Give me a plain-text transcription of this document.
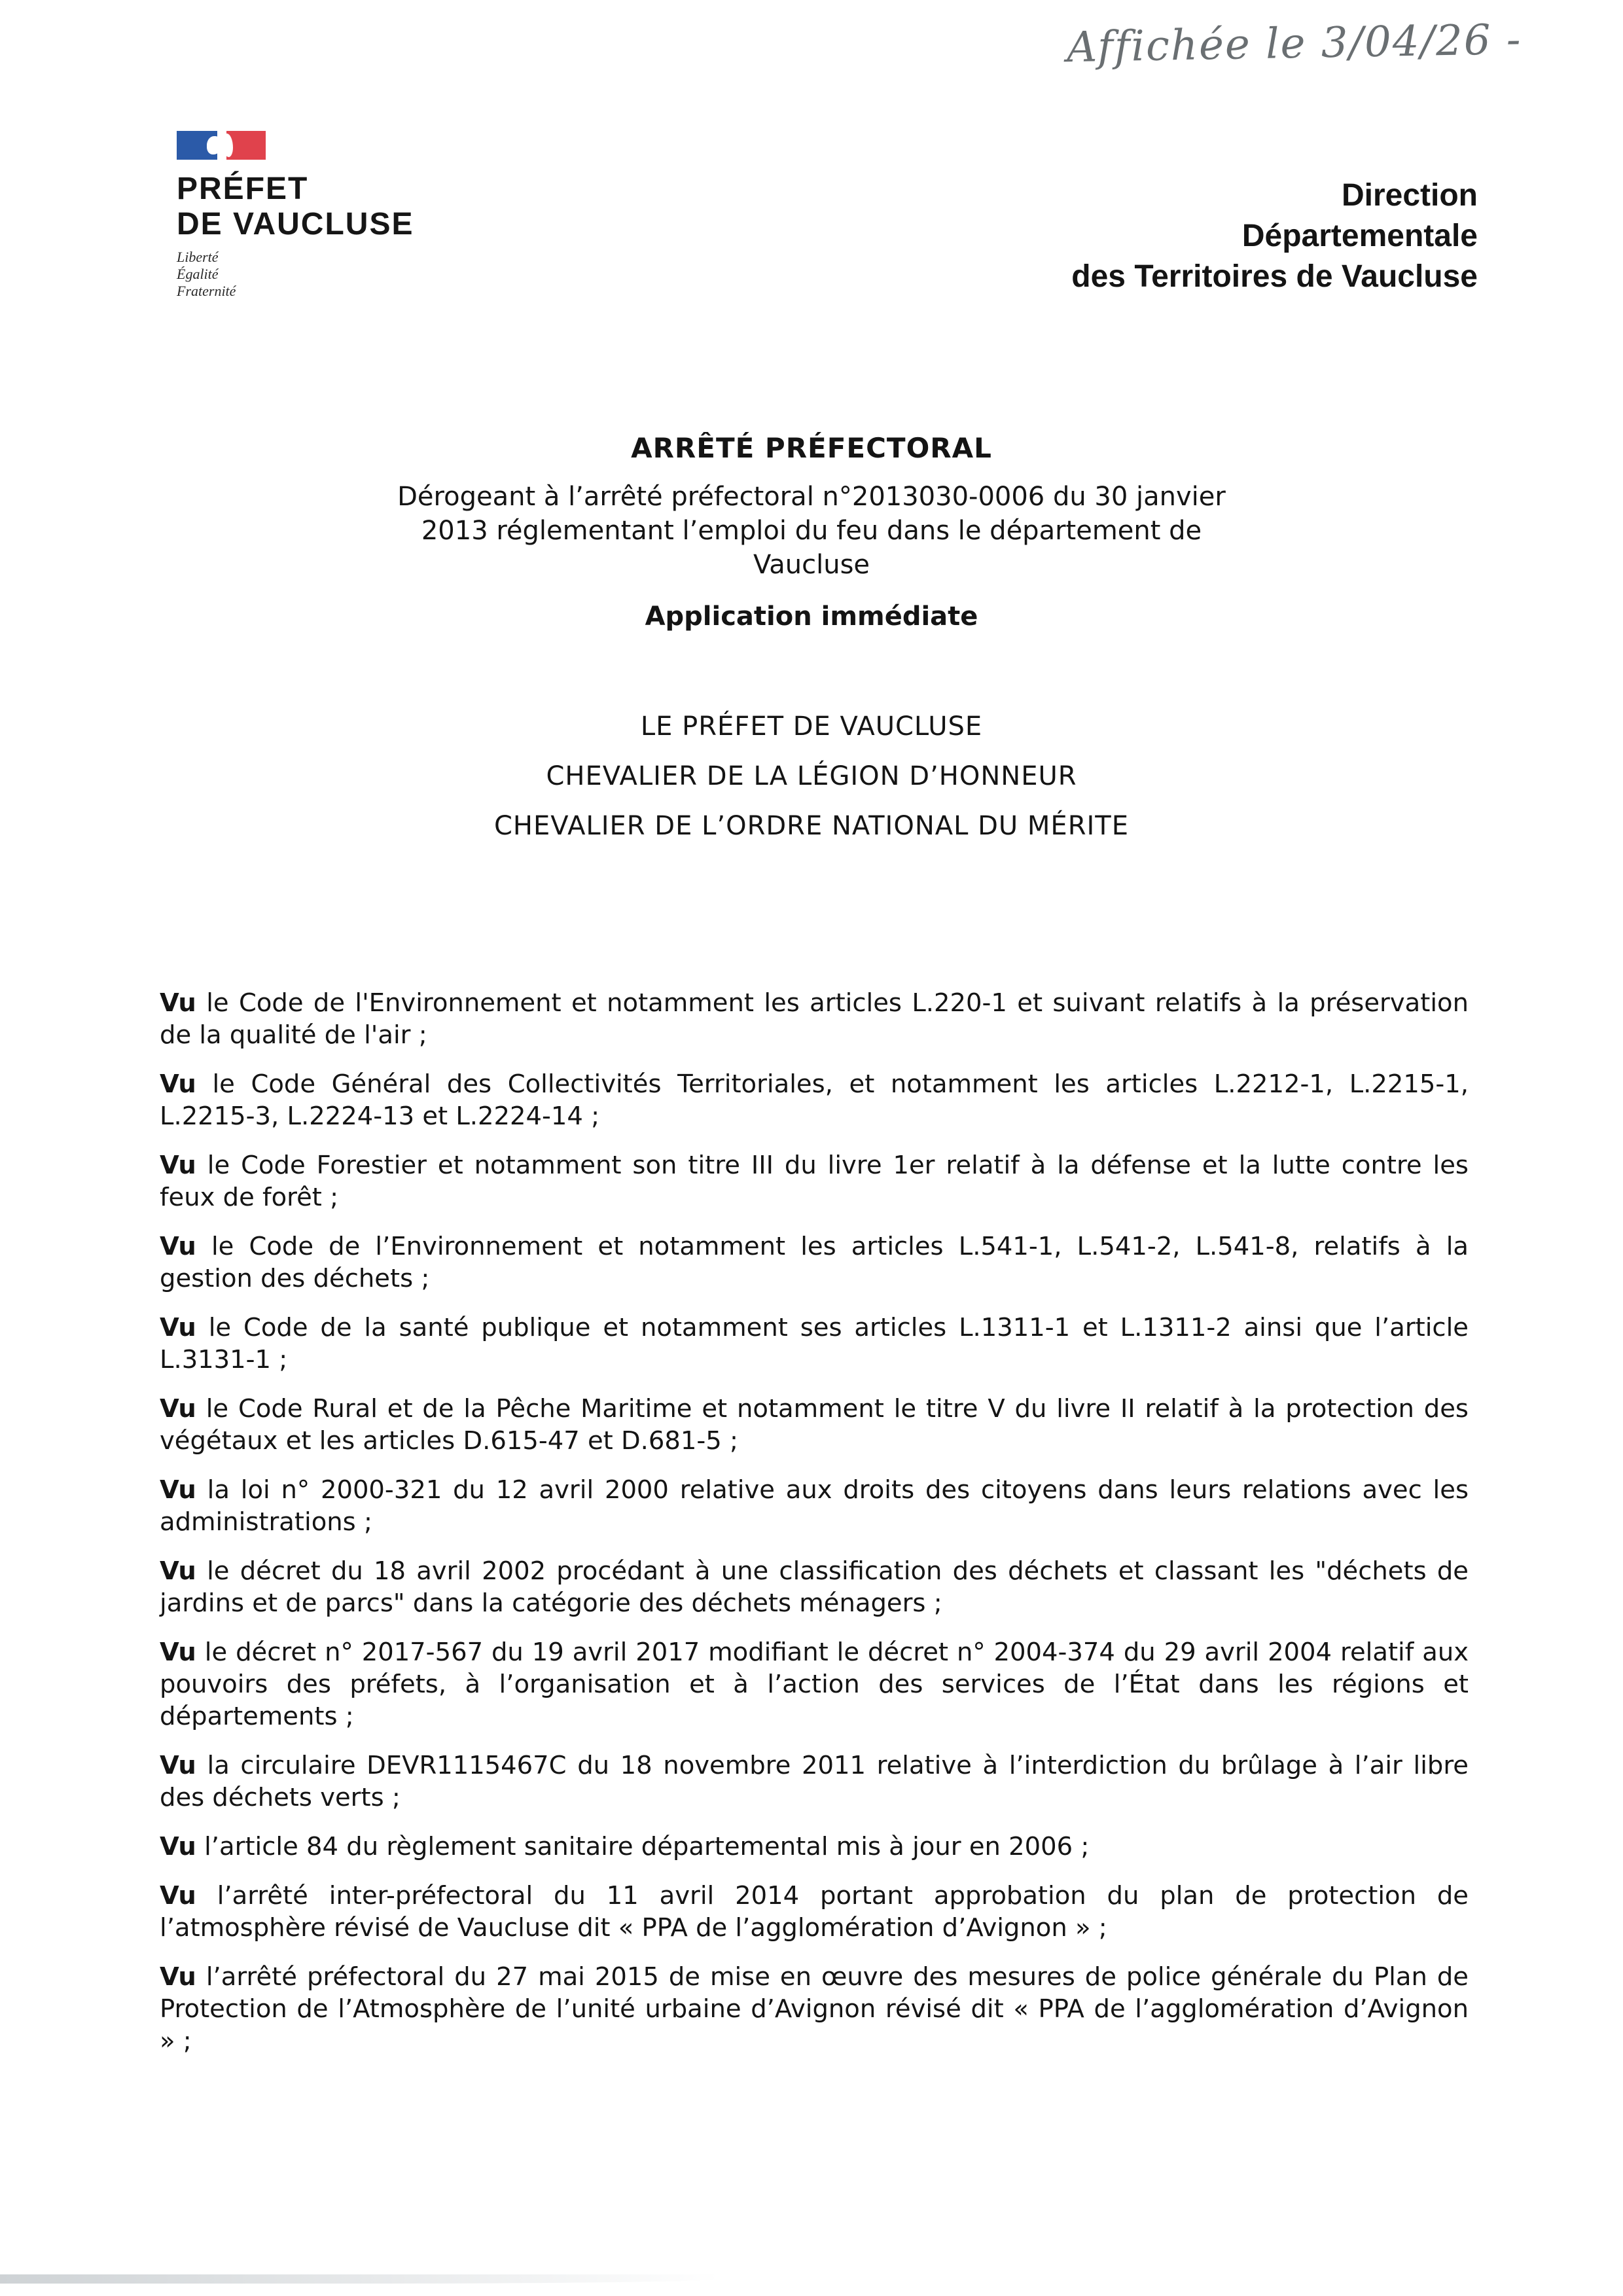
Affichée le 3/04/26 -
PRÉFET
DE VAUCLUSE
Liberté
Égalité
Fraternité
Direction
Départementale
des Territoires de Vaucluse
ARRÊTÉ PRÉFECTORAL
Dérogeant à l’arrêté préfectoral n°2013030-0006 du 30 janvier 2013 réglementant l’emploi du feu dans le département de Vaucluse
Application immédiate
LE PRÉFET DE VAUCLUSE
CHEVALIER DE LA LÉGION D’HONNEUR
CHEVALIER DE L’ORDRE NATIONAL DU MÉRITE

Vu le Code de l'Environnement et notamment les articles L.220-1 et suivant relatifs à la préservation de la qualité de l'air ;

Vu le Code Général des Collectivités Territoriales, et notamment les articles L.2212-1, L.2215-1, L.2215-3, L.2224-13 et L.2224-14 ;

Vu le Code Forestier et notamment son titre III du livre 1er relatif à la défense et la lutte contre les feux de forêt ;

Vu le Code de l’Environnement et notamment les articles L.541-1, L.541-2, L.541-8, relatifs à la gestion des déchets ;

Vu le Code de la santé publique et notamment ses articles L.1311-1 et L.1311-2 ainsi que l’article L.3131-1 ;

Vu le Code Rural et de la Pêche Maritime et notamment le titre V du livre II relatif à la protection des végétaux et les articles D.615-47 et D.681-5 ;

Vu la loi n° 2000-321 du 12 avril 2000 relative aux droits des citoyens dans leurs relations avec les administrations ;

Vu le décret du 18 avril 2002 procédant à une classification des déchets et classant les "déchets de jardins et de parcs" dans la catégorie des déchets ménagers ;

Vu le décret n° 2017-567 du 19 avril 2017 modifiant le décret n° 2004-374 du 29 avril 2004 relatif aux pouvoirs des préfets, à l’organisation et à l’action des services de l’État dans les régions et départements ;

Vu la circulaire DEVR1115467C du 18 novembre 2011 relative à l’interdiction du brûlage à l’air libre des déchets verts ;

Vu l’article 84 du règlement sanitaire départemental mis à jour en 2006 ;

Vu l’arrêté inter-préfectoral du 11 avril 2014 portant approbation du plan de protection de l’atmosphère révisé de Vaucluse dit « PPA de l’agglomération d’Avignon » ;

Vu l’arrêté préfectoral du 27 mai 2015 de mise en œuvre des mesures de police générale du Plan de Protection de l’Atmosphère de l’unité urbaine d’Avignon révisé dit « PPA de l’agglomération d’Avignon » ;
